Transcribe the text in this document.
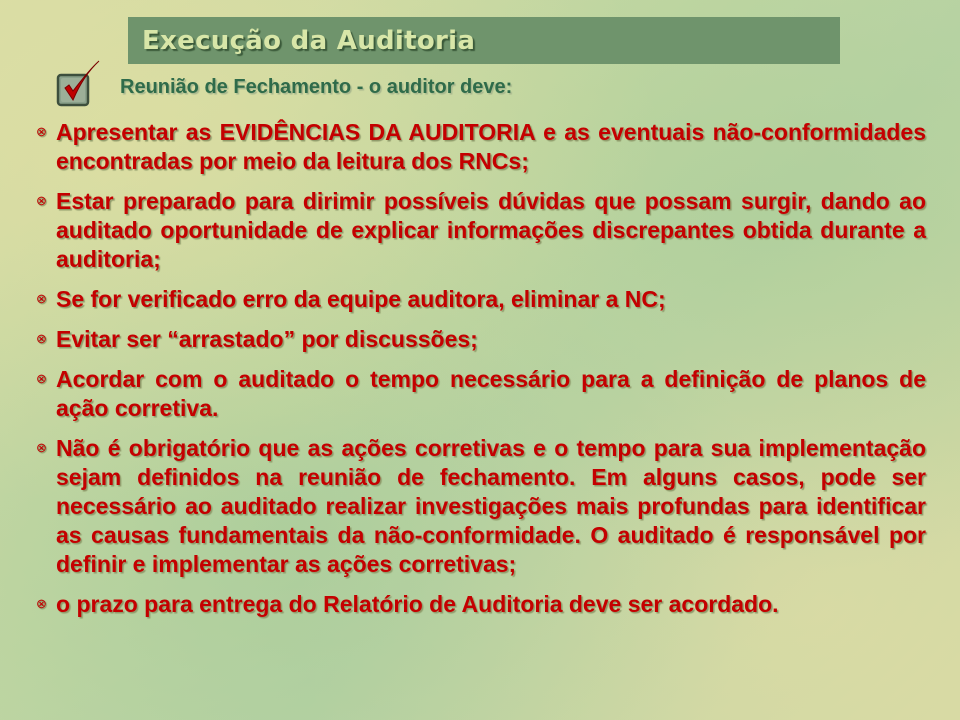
Execução da Auditoria
Reunião de Fechamento - o auditor deve:
⊗ Apresentar as EVIDÊNCIAS DA AUDITORIA e as eventuais não-conformidades encontradas por meio da leitura dos RNCs;
⊗ Estar preparado para dirimir possíveis dúvidas que possam surgir, dando ao auditado oportunidade de explicar informações discrepantes obtida durante a auditoria;
⊗ Se for verificado erro da equipe auditora, eliminar a NC;
⊗ Evitar ser “arrastado” por discussões;
⊗ Acordar com o auditado o tempo necessário para a definição de planos de ação corretiva.
⊗ Não é obrigatório que as ações corretivas e o tempo para sua implementação sejam definidos na reunião de fechamento. Em alguns casos, pode ser necessário ao auditado realizar investigações mais profundas para identificar as causas fundamentais da não-conformidade. O auditado é responsável por definir e implementar as ações corretivas;
⊗ o prazo para entrega do Relatório de Auditoria deve ser acordado.
